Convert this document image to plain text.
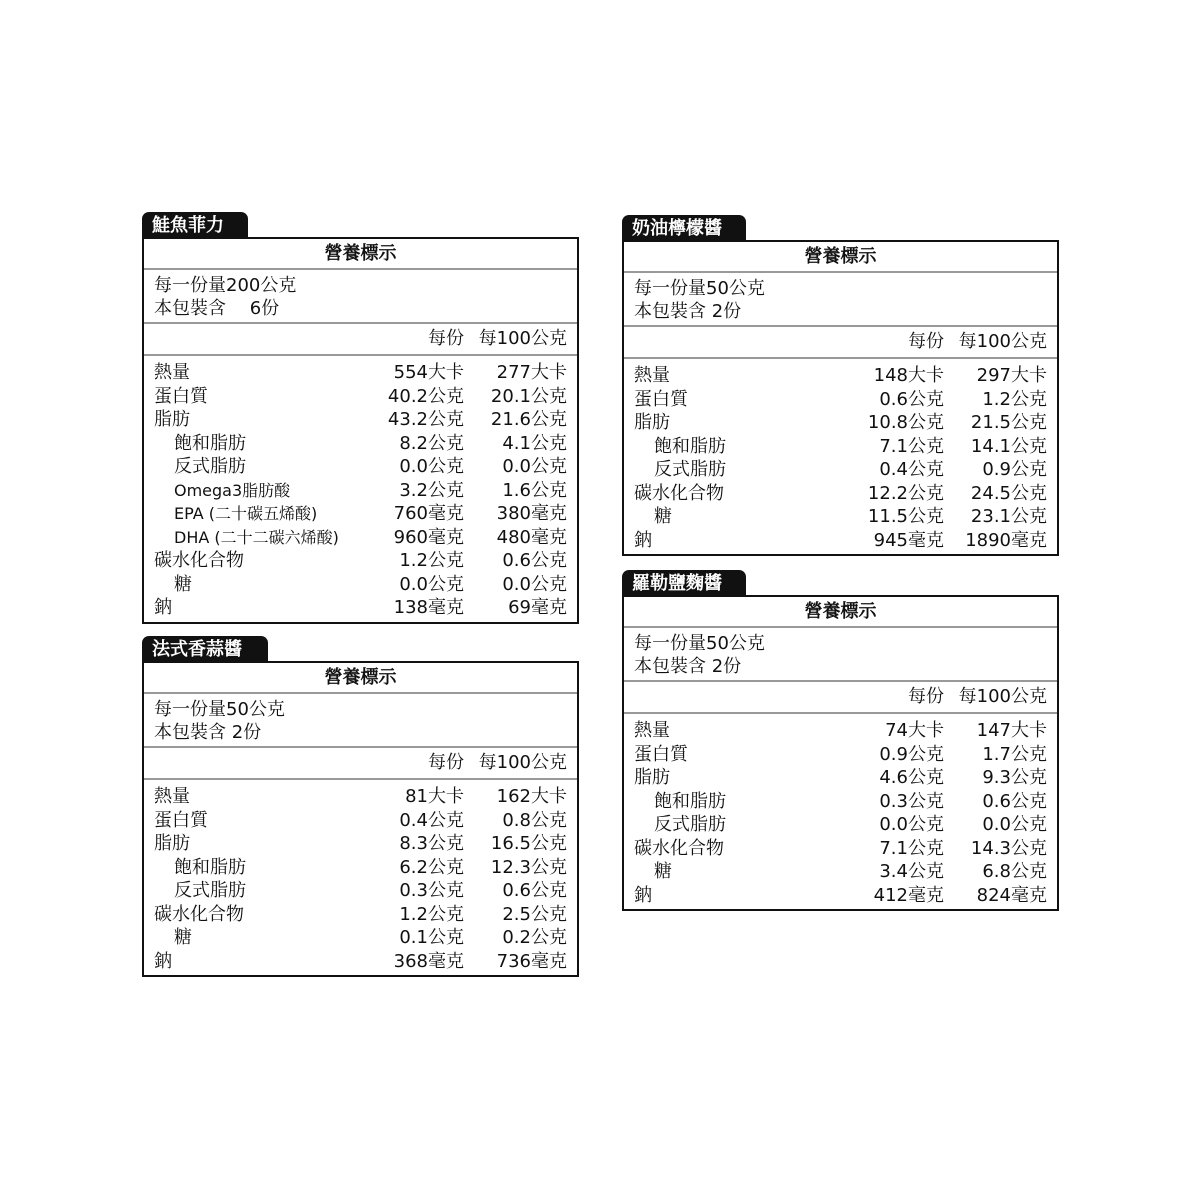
鮭魚菲力
營養標示
每一份量200公克
本包裝含　 6份
每份 每100公克
熱量	554大卡 277大卡
蛋白質	40.2公克 20.1公克
脂肪	43.2公克 21.6公克
飽和脂肪	8.2公克 4.1公克
反式脂肪	0.0公克 0.0公克
Omega3脂肪酸	3.2公克 1.6公克
EPA (二十碳五烯酸)	760毫克 380毫克
DHA (二十二碳六烯酸)	960毫克 480毫克
碳水化合物	1.2公克 0.6公克
糖	0.0公克 0.0公克
鈉	138毫克 69毫克
法式香蒜醬
營養標示
每一份量50公克
本包裝含 2份
每份 每100公克
熱量	81大卡 162大卡
蛋白質	0.4公克 0.8公克
脂肪	8.3公克 16.5公克
飽和脂肪	6.2公克 12.3公克
反式脂肪	0.3公克 0.6公克
碳水化合物	1.2公克 2.5公克
糖	0.1公克 0.2公克
鈉	368毫克 736毫克
奶油檸檬醬
營養標示
每一份量50公克
本包裝含 2份
每份 每100公克
熱量	148大卡 297大卡
蛋白質	0.6公克 1.2公克
脂肪	10.8公克 21.5公克
飽和脂肪	7.1公克 14.1公克
反式脂肪	0.4公克 0.9公克
碳水化合物	12.2公克 24.5公克
糖	11.5公克 23.1公克
鈉	945毫克 1890毫克
羅勒鹽麴醬
營養標示
每一份量50公克
本包裝含 2份
每份 每100公克
熱量	74大卡 147大卡
蛋白質	0.9公克 1.7公克
脂肪	4.6公克 9.3公克
飽和脂肪	0.3公克 0.6公克
反式脂肪	0.0公克 0.0公克
碳水化合物	7.1公克 14.3公克
糖	3.4公克 6.8公克
鈉	412毫克 824毫克
